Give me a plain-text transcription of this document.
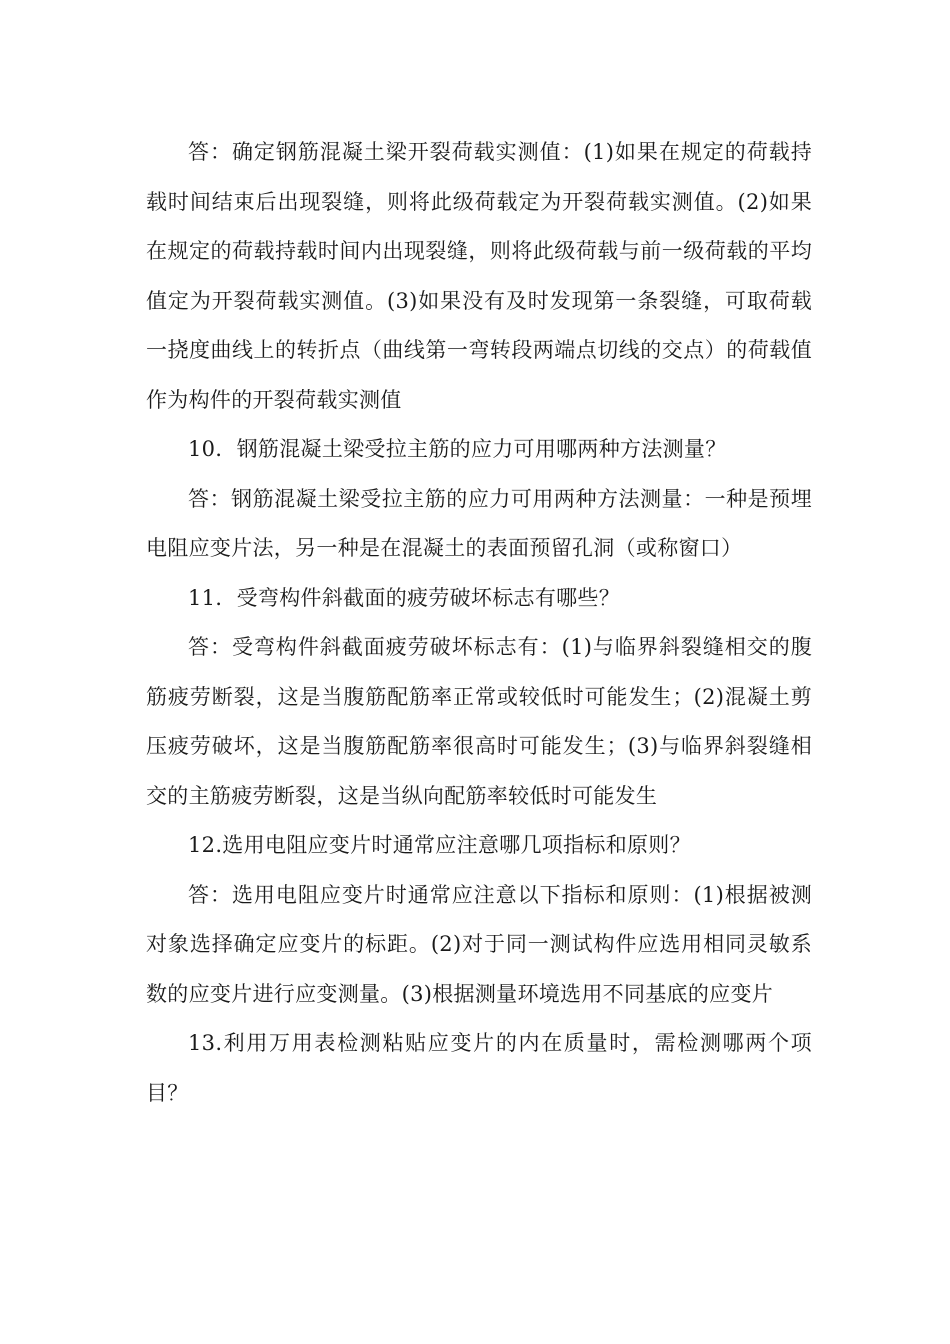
答：确定钢筋混凝土梁开裂荷载实测值：(1)如果在规定的荷载持载时间结束后出现裂缝，则将此级荷载定为开裂荷载实测值。(2)如果在规定的荷载持载时间内出现裂缝，则将此级荷载与前一级荷载的平均值定为开裂荷载实测值。(3)如果没有及时发现第一条裂缝，可取荷载一挠度曲线上的转折点（曲线第一弯转段两端点切线的交点）的荷载值作为构件的开裂荷载实测值

10．钢筋混凝土梁受拉主筋的应力可用哪两种方法测量？

答：钢筋混凝土梁受拉主筋的应力可用两种方法测量：一种是预埋电阻应变片法，另一种是在混凝土的表面预留孔洞（或称窗口）

11．受弯构件斜截面的疲劳破坏标志有哪些？

答：受弯构件斜截面疲劳破坏标志有：(1)与临界斜裂缝相交的腹筋疲劳断裂，这是当腹筋配筋率正常或较低时可能发生；(2)混凝土剪压疲劳破坏，这是当腹筋配筋率很高时可能发生；(3)与临界斜裂缝相交的主筋疲劳断裂，这是当纵向配筋率较低时可能发生

12.选用电阻应变片时通常应注意哪几项指标和原则？

答：选用电阻应变片时通常应注意以下指标和原则：(1)根据被测对象选择确定应变片的标距。(2)对于同一测试构件应选用相同灵敏系数的应变片进行应变测量。(3)根据测量环境选用不同基底的应变片

13.利用万用表检测粘贴应变片的内在质量时，需检测哪两个项目？
